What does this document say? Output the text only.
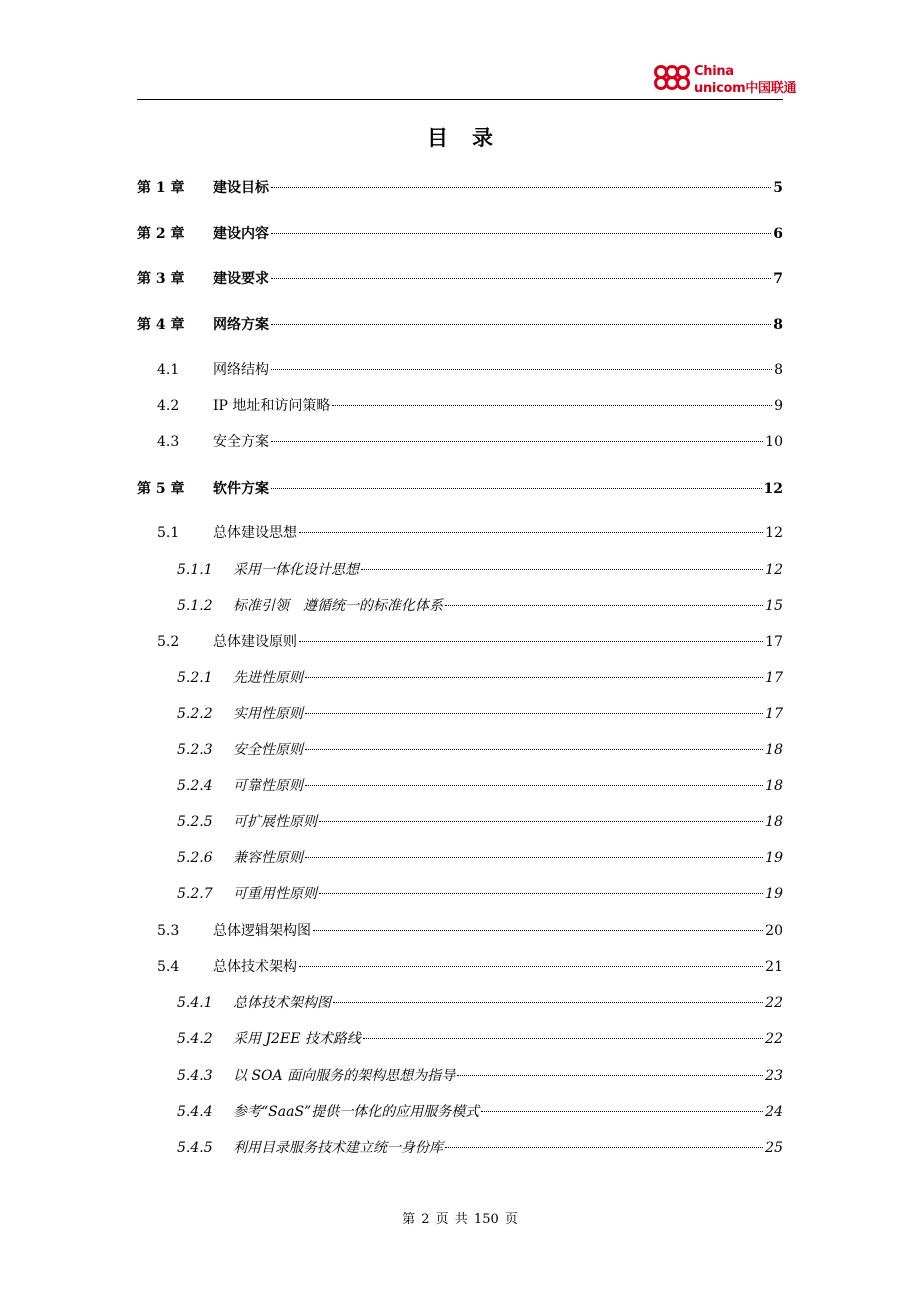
China
unicom中国联通
目录
第 1 章	建设目标	5
第 2 章	建设内容	6
第 3 章	建设要求	7
第 4 章	网络方案	8
4.1	网络结构	8
4.2	IP 地址和访问策略	9
4.3	安全方案	10
第 5 章	软件方案	12
5.1	总体建设思想	12
5.1.1	采用一体化设计思想	12
5.1.2	标准引领　遵循统一的标准化体系	15
5.2	总体建设原则	17
5.2.1	先进性原则	17
5.2.2	实用性原则	17
5.2.3	安全性原则	18
5.2.4	可靠性原则	18
5.2.5	可扩展性原则	18
5.2.6	兼容性原则	19
5.2.7	可重用性原则	19
5.3	总体逻辑架构图	20
5.4	总体技术架构	21
5.4.1	总体技术架构图	22
5.4.2	采用 J2EE 技术路线	22
5.4.3	以 SOA 面向服务的架构思想为指导	23
5.4.4	参考“SaaS”提供一体化的应用服务模式	24
5.4.5	利用目录服务技术建立统一身份库	25
第 2 页 共 150 页
